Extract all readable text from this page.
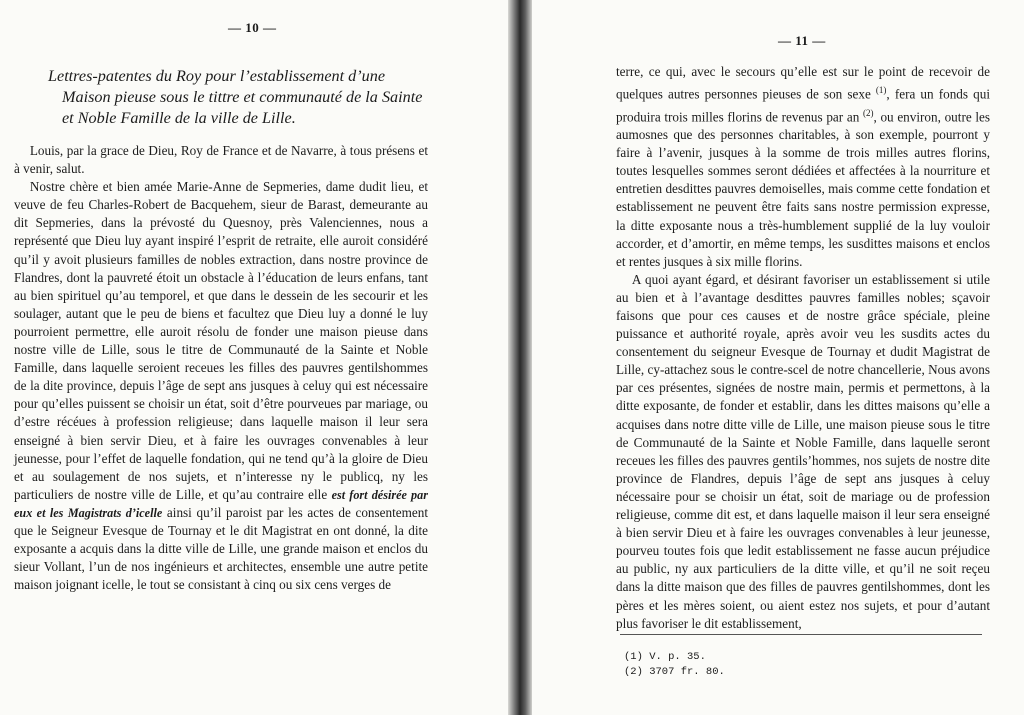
— 10 —
Lettres-patentes du Roy pour l’establissement d’une
Maison pieuse sous le tittre et communauté de la Sainte
et Noble Famille de la ville de Lille.

Louis, par la grace de Dieu, Roy de France et de Navarre, à tous présens et à venir, salut.

Nostre chère et bien amée Marie-Anne de Sepmeries, dame dudit lieu, et veuve de feu Charles-Robert de Bacquehem, sieur de Barast, demeurante au dit Sepmeries, dans la prévosté du Quesnoy, près Valenciennes, nous a représenté que Dieu luy ayant inspiré l’esprit de retraite, elle auroit considéré qu’il y avoit plusieurs familles de nobles extraction, dans nostre province de Flandres, dont la pauvreté étoit un obstacle à l’éducation de leurs enfans, tant au bien spirituel qu’au temporel, et que dans le dessein de les secourir et les soulager, autant que le peu de biens et facultez que Dieu luy a donné le luy pourroient permettre, elle auroit résolu de fonder une maison pieuse dans nostre ville de Lille, sous le titre de Communauté de la Sainte et Noble Famille, dans laquelle seroient receues les filles des pauvres gentilshommes de la dite province, depuis l’âge de sept ans jusques à celuy qui est nécessaire pour qu’elles puissent se choisir un état, soit d’être pourveues par mariage, ou d’estre récéues à profession religieuse; dans laquelle maison il leur sera enseigné à bien servir Dieu, et à faire les ouvrages convenables à leur jeunesse, pour l’effet de laquelle fondation, qui ne tend qu’à la gloire de Dieu et au soulagement de nos sujets, et n’interesse ny le publicq, ny les particuliers de nostre ville de Lille, et qu’au contraire elle est fort désirée par eux et les Magistrats d’icelle ainsi qu’il paroist par les actes de consentement que le Seigneur Evesque de Tournay et le dit Magistrat en ont donné, la dite exposante a acquis dans la ditte ville de Lille, une grande maison et enclos du sieur Vollant, l’un de nos ingénieurs et architectes, ensemble une autre petite maison joignant icelle, le tout se consistant à cinq ou six cens verges de

— 11 —

terre, ce qui, avec le secours qu’elle est sur le point de recevoir de quelques autres personnes pieuses de son sexe $^{(1)}$, fera un fonds qui produira trois milles florins de revenus par an $^{(2)}$, ou environ, outre les aumosnes que des personnes charitables, à son exemple, pourront y faire à l’avenir, jusques à la somme de trois milles autres florins, toutes lesquelles sommes seront dédiées et affectées à la nourriture et entretien desdittes pauvres demoiselles, mais comme cette fondation et establissement ne peuvent être faits sans nostre permission expresse, la ditte exposante nous a très-humblement supplié de la luy vouloir accorder, et d’amortir, en même temps, les susdittes maisons et enclos et rentes jusques à six mille florins.

A quoi ayant égard, et désirant favoriser un establissement si utile au bien et à l’avantage desdittes pauvres familles nobles; sçavoir faisons que pour ces causes et de nostre grâce spéciale, pleine puissance et authorité royale, après avoir veu les susdits actes du consentement du seigneur Evesque de Tournay et dudit Magistrat de Lille, cy-attachez sous le contre-scel de notre chancellerie, Nous avons par ces présentes, signées de nostre main, permis et permettons, à la ditte exposante, de fonder et establir, dans les dittes maisons qu’elle a acquises dans notre ditte ville de Lille, une maison pieuse sous le titre de Communauté de la Sainte et Noble Famille, dans laquelle seront receues les filles des pauvres gentils’hommes, nos sujets de nostre dite province de Flandres, depuis l’âge de sept ans jusques à celuy nécessaire pour se choisir un état, soit de mariage ou de profession religieuse, comme dit est, et dans laquelle maison il leur sera enseigné à bien servir Dieu et à faire les ouvrages convenables à leur jeunesse, pourveu toutes fois que ledit establissement ne fasse aucun préjudice au public, ny aux particuliers de la ditte ville, et qu’il ne soit reçeu dans la ditte maison que des filles de pauvres gentilshommes, dont les pères et les mères soient, ou aient estez nos sujets, et pour d’autant plus favoriser le dit establissement,

(1) V. p. 35.
(2) 3707 fr. 80.
